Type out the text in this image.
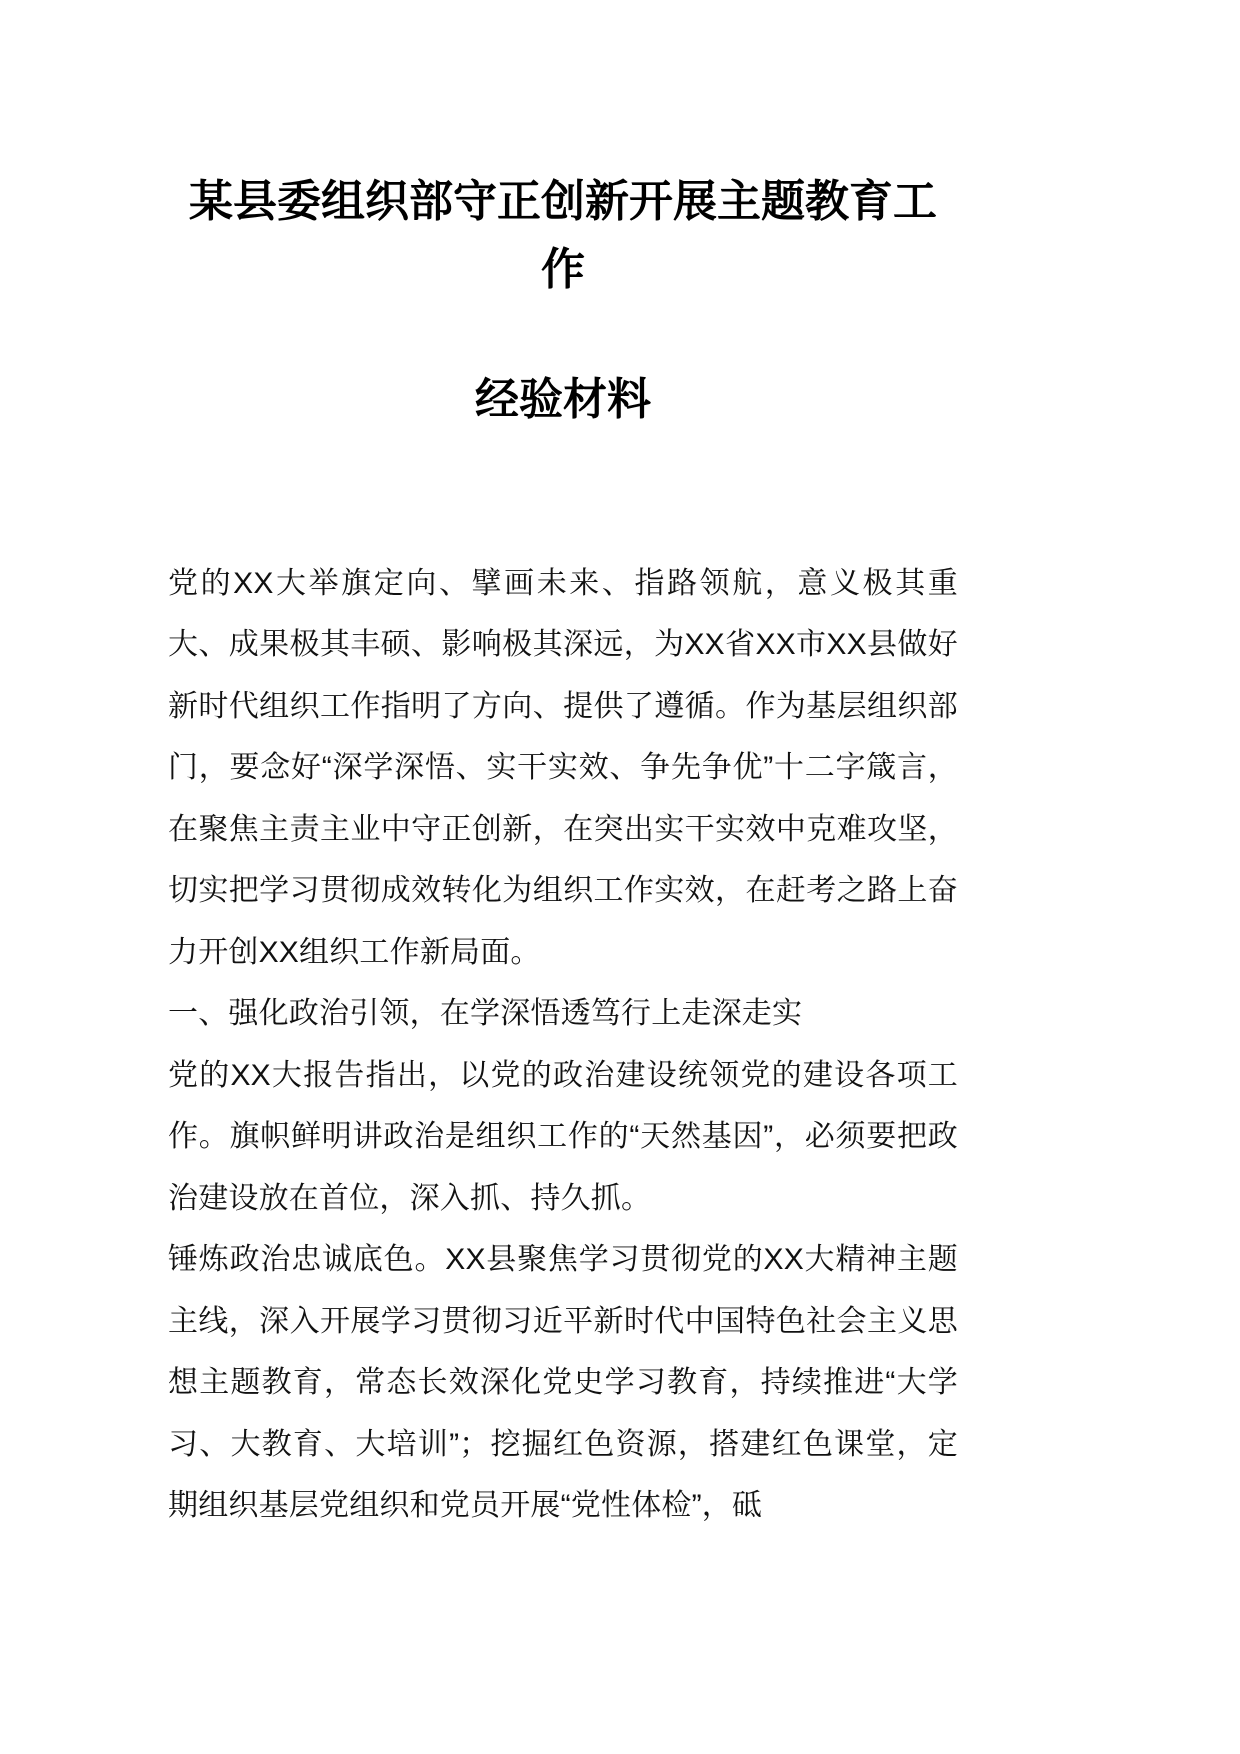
某县委组织部守正创新开展主题教育工作
经验材料

党的XX大举旗定向、擘画未来、指路领航，意义极其重大、成果极其丰硕、影响极其深远，为XX省XX市XX县做好新时代组织工作指明了方向、提供了遵循。作为基层组织部门，要念好“深学深悟、实干实效、争先争优”十二字箴言，在聚焦主责主业中守正创新，在突出实干实效中克难攻坚，切实把学习贯彻成效转化为组织工作实效，在赶考之路上奋力开创XX组织工作新局面。

一、强化政治引领，在学深悟透笃行上走深走实

党的XX大报告指出，以党的政治建设统领党的建设各项工作。旗帜鲜明讲政治是组织工作的“天然基因”，必须要把政治建设放在首位，深入抓、持久抓。

锤炼政治忠诚底色。XX县聚焦学习贯彻党的XX大精神主题主线，深入开展学习贯彻习近平新时代中国特色社会主义思想主题教育，常态长效深化党史学习教育，持续推进“大学习、大教育、大培训”；挖掘红色资源，搭建红色课堂，定期组织基层党组织和党员开展“党性体检”，砥
